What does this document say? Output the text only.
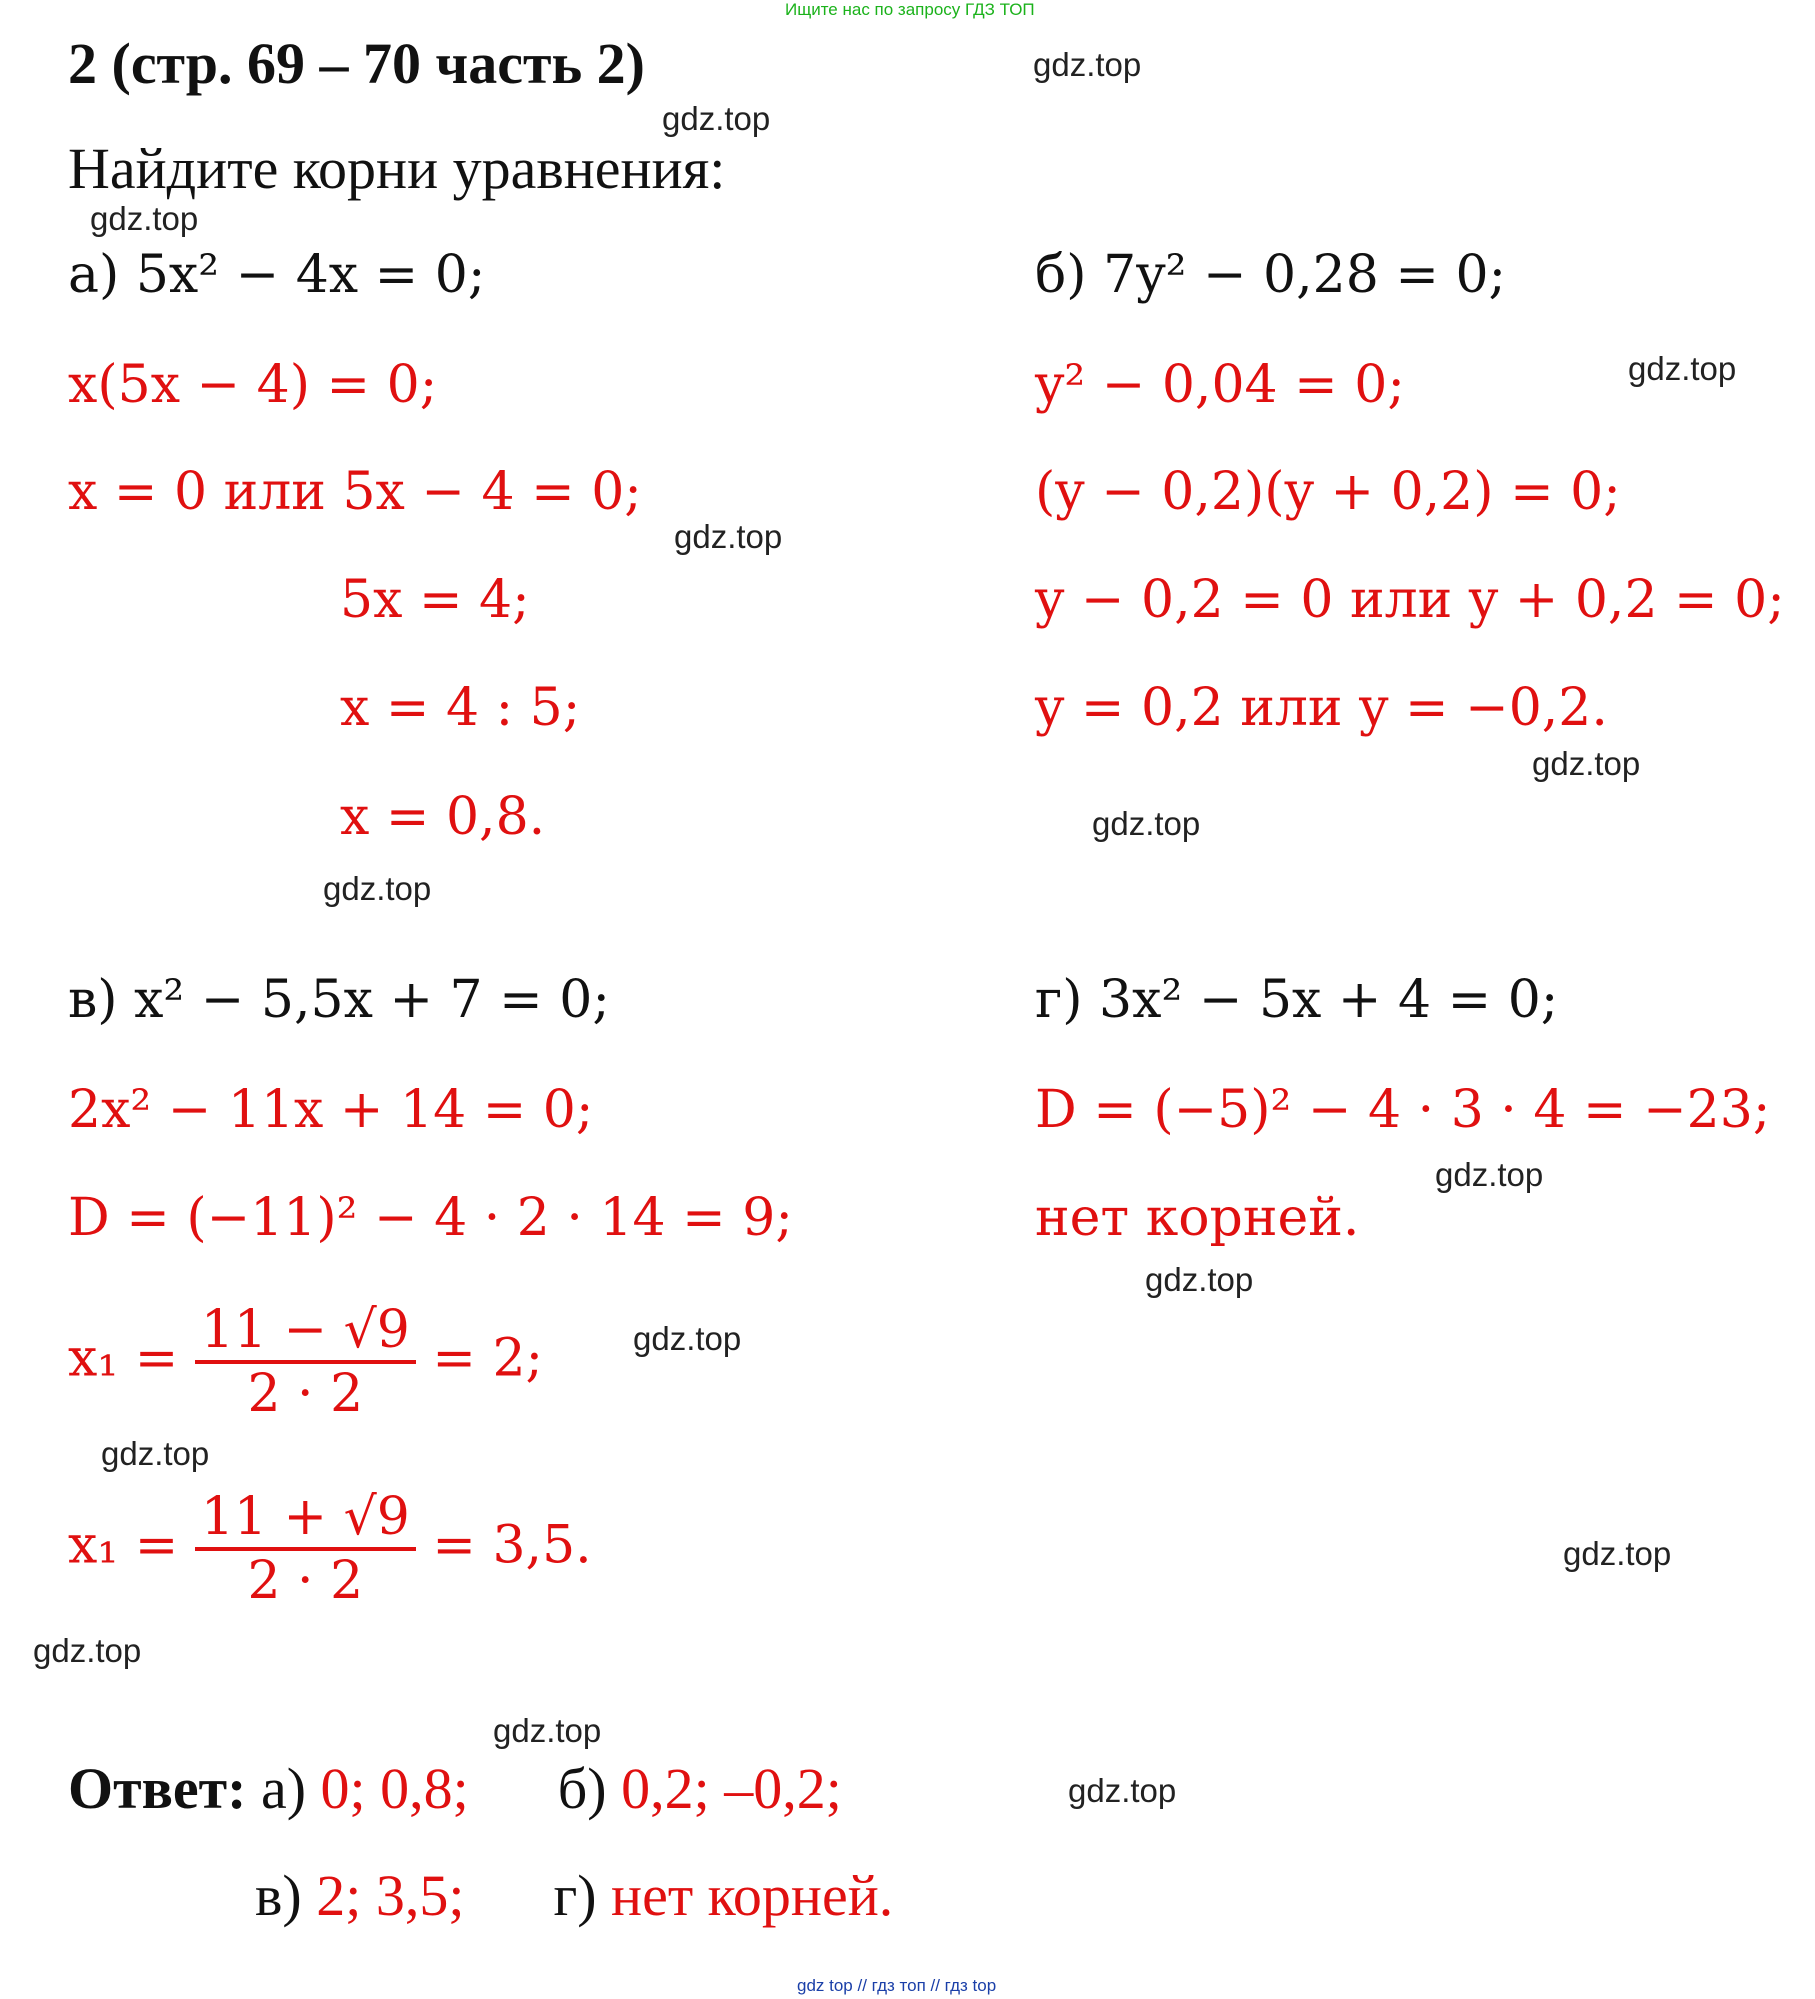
Ищите нас по запросу ГДЗ ТОП
2 (стр. 69 – 70 часть 2)
Найдите корни уравнения:
а) 5x² − 4x = 0;
x(5x − 4) = 0;
x = 0 или 5x − 4 = 0;
5x = 4;
x = 4 : 5;
x = 0,8.
б) 7y² − 0,28 = 0;
y² − 0,04 = 0;
(y − 0,2)(y + 0,2) = 0;
y − 0,2 = 0 или y + 0,2 = 0;
y = 0,2 или y = −0,2.
в) x² − 5,5x + 7 = 0;
2x² − 11x + 14 = 0;
D = (−11)² − 4 · 2 · 14 = 9;
$x_1 = \frac{11 - √9}{2 \cdot 2} = 2$;
$x_1 = \frac{11 + √9}{2 \cdot 2} = 3,5$.
г) 3x² − 5x + 4 = 0;
D = (−5)² − 4 · 3 · 4 = −23;
нет корней.
Ответ: а) 0; 0,8; б) 0,2; –0,2;
в) 2; 3,5; г) нет корней.
gdz.top
gdz.top
gdz.top
gdz.top
gdz.top
gdz.top
gdz.top
gdz.top
gdz.top
gdz.top
gdz.top
gdz.top
gdz.top
gdz.top
gdz.top
gdz.top
gdz top // гдз топ // гдз top
